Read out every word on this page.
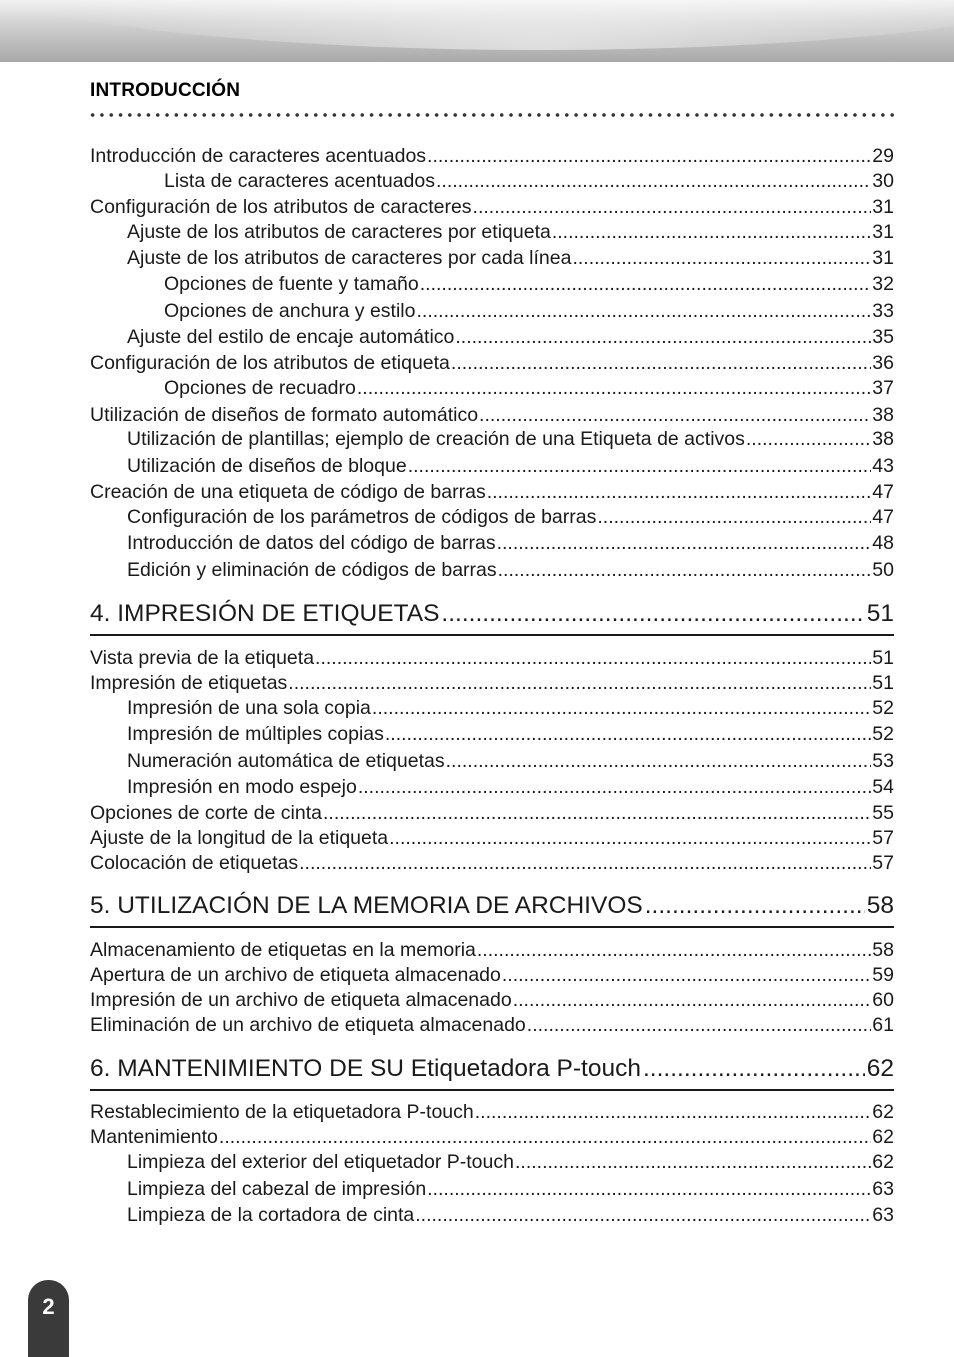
INTRODUCCIÓN
Introducción de caracteres acentuados .....	29
Lista de caracteres acentuados .....	30
Configuración de los atributos de caracteres .....	31
Ajuste de los atributos de caracteres por etiqueta .....	31
Ajuste de los atributos de caracteres por cada línea .....	31
Opciones de fuente y tamaño .....	32
Opciones de anchura y estilo .....	33
Ajuste del estilo de encaje automático .....	35
Configuración de los atributos de etiqueta .....	36
Opciones de recuadro .....	37
Utilización de diseños de formato automático .....	38
Utilización de plantillas; ejemplo de creación de una Etiqueta de activos .....	38
Utilización de diseños de bloque .....	43
Creación de una etiqueta de código de barras .....	47
Configuración de los parámetros de códigos de barras .....	47
Introducción de datos del código de barras .....	48
Edición y eliminación de códigos de barras .....	50
4. IMPRESIÓN DE ETIQUETAS .....	51
Vista previa de la etiqueta .....	51
Impresión de etiquetas .....	51
Impresión de una sola copia .....	52
Impresión de múltiples copias .....	52
Numeración automática de etiquetas .....	53
Impresión en modo espejo .....	54
Opciones de corte de cinta .....	55
Ajuste de la longitud de la etiqueta .....	57
Colocación de etiquetas .....	57
5. UTILIZACIÓN DE LA MEMORIA DE ARCHIVOS .....	58
Almacenamiento de etiquetas en la memoria .....	58
Apertura de un archivo de etiqueta almacenado .....	59
Impresión de un archivo de etiqueta almacenado .....	60
Eliminación de un archivo de etiqueta almacenado .....	61
6. MANTENIMIENTO DE SU Etiquetadora P-touch .....	62
Restablecimiento de la etiquetadora P-touch .....	62
Mantenimiento .....	62
Limpieza del exterior del etiquetador P-touch .....	62
Limpieza del cabezal de impresión .....	63
Limpieza de la cortadora de cinta .....	63
2
